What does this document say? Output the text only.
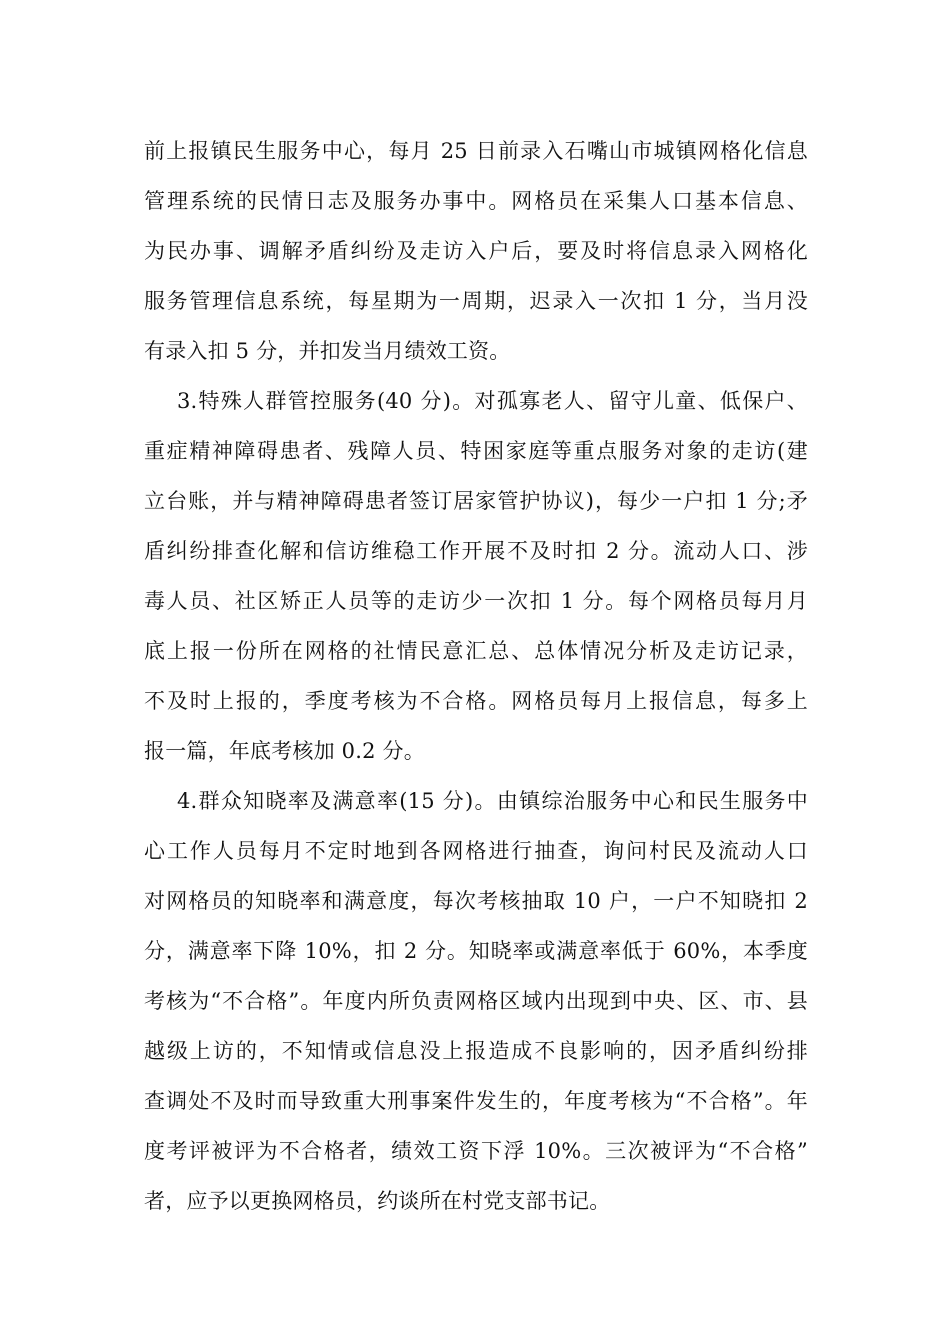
前上报镇民生服务中心，每月 25 日前录入石嘴山市城镇网格化信息
管理系统的民情日志及服务办事中。网格员在采集人口基本信息、
为民办事、调解矛盾纠纷及走访入户后，要及时将信息录入网格化
服务管理信息系统，每星期为一周期，迟录入一次扣 1 分，当月没
有录入扣 5 分，并扣发当月绩效工资。
3.特殊人群管控服务(40 分)。对孤寡老人、留守儿童、低保户、
重症精神障碍患者、残障人员、特困家庭等重点服务对象的走访(建
立台账，并与精神障碍患者签订居家管护协议)，每少一户扣 1 分;矛
盾纠纷排查化解和信访维稳工作开展不及时扣 2 分。流动人口、涉
毒人员、社区矫正人员等的走访少一次扣 1 分。每个网格员每月月
底上报一份所在网格的社情民意汇总、总体情况分析及走访记录，
不及时上报的，季度考核为不合格。网格员每月上报信息，每多上
报一篇，年底考核加 0.2 分。
4.群众知晓率及满意率(15 分)。由镇综治服务中心和民生服务中
心工作人员每月不定时地到各网格进行抽查，询问村民及流动人口
对网格员的知晓率和满意度，每次考核抽取 10 户，一户不知晓扣 2
分，满意率下降 10%，扣 2 分。知晓率或满意率低于 60%，本季度
考核为“不合格”。年度内所负责网格区域内出现到中央、区、市、县
越级上访的，不知情或信息没上报造成不良影响的，因矛盾纠纷排
查调处不及时而导致重大刑事案件发生的，年度考核为“不合格”。年
度考评被评为不合格者，绩效工资下浮 10%。三次被评为“不合格”
者，应予以更换网格员，约谈所在村党支部书记。
